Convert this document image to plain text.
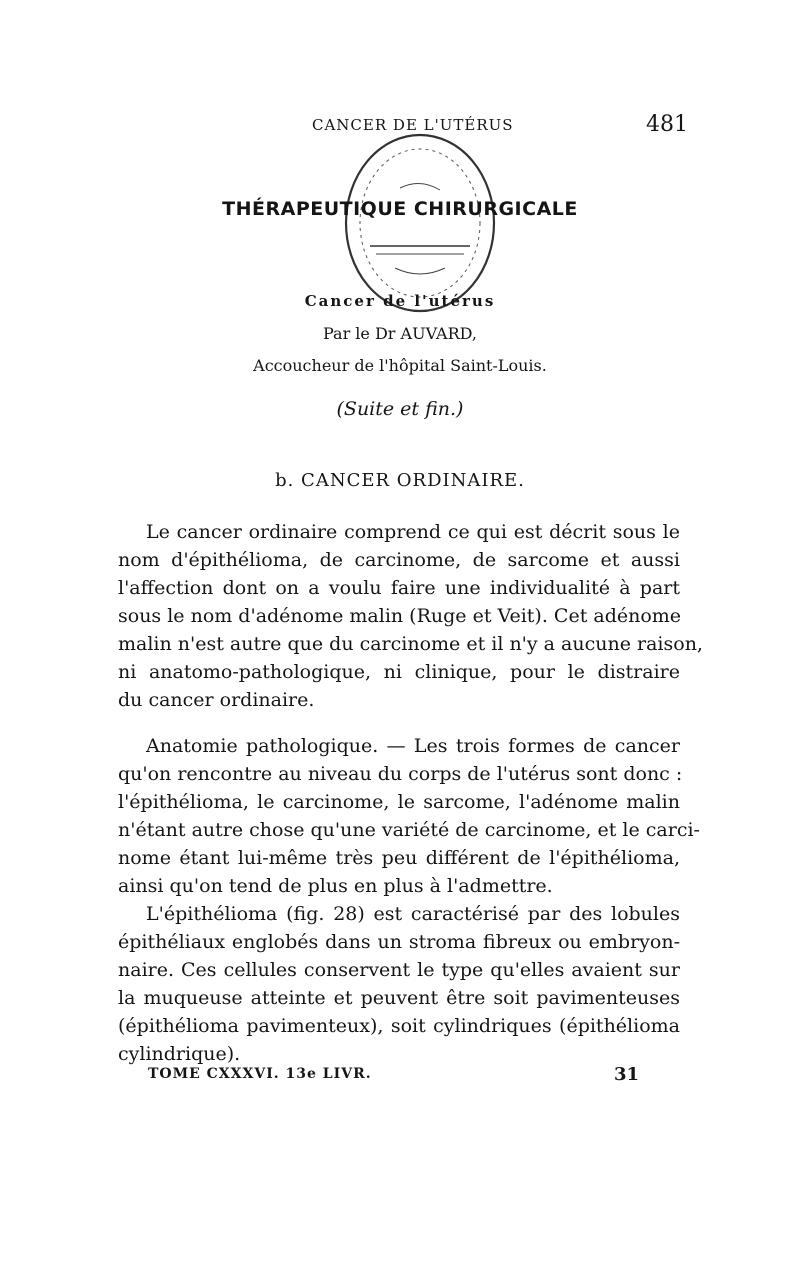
CANCER DE L'UTÉRUS	481
THÉRAPEUTIQUE CHIRURGICALE
Cancer de l'utérus
Par le Dr AUVARD,
Accoucheur de l'hôpital Saint-Louis.
(Suite et fin.)
b. CANCER ORDINAIRE.
Le cancer ordinaire comprend ce qui est décrit sous le
nom d'épithélioma, de carcinome, de sarcome et aussi
l'affection dont on a voulu faire une individualité à part
sous le nom d'adénome malin (Ruge et Veit). Cet adénome
malin n'est autre que du carcinome et il n'y a aucune raison,
ni anatomo-pathologique, ni clinique, pour le distraire
du cancer ordinaire.
Anatomie pathologique. — Les trois formes de cancer
qu'on rencontre au niveau du corps de l'utérus sont donc :
l'épithélioma, le carcinome, le sarcome, l'adénome malin
n'étant autre chose qu'une variété de carcinome, et le carci-
nome étant lui-même très peu différent de l'épithélioma,
ainsi qu'on tend de plus en plus à l'admettre.
L'épithélioma (fig. 28) est caractérisé par des lobules
épithéliaux englobés dans un stroma fibreux ou embryon-
naire. Ces cellules conservent le type qu'elles avaient sur
la muqueuse atteinte et peuvent être soit pavimenteuses
(épithélioma pavimenteux), soit cylindriques (épithélioma
cylindrique).
TOME CXXXVI. 13e LIVR.	31
